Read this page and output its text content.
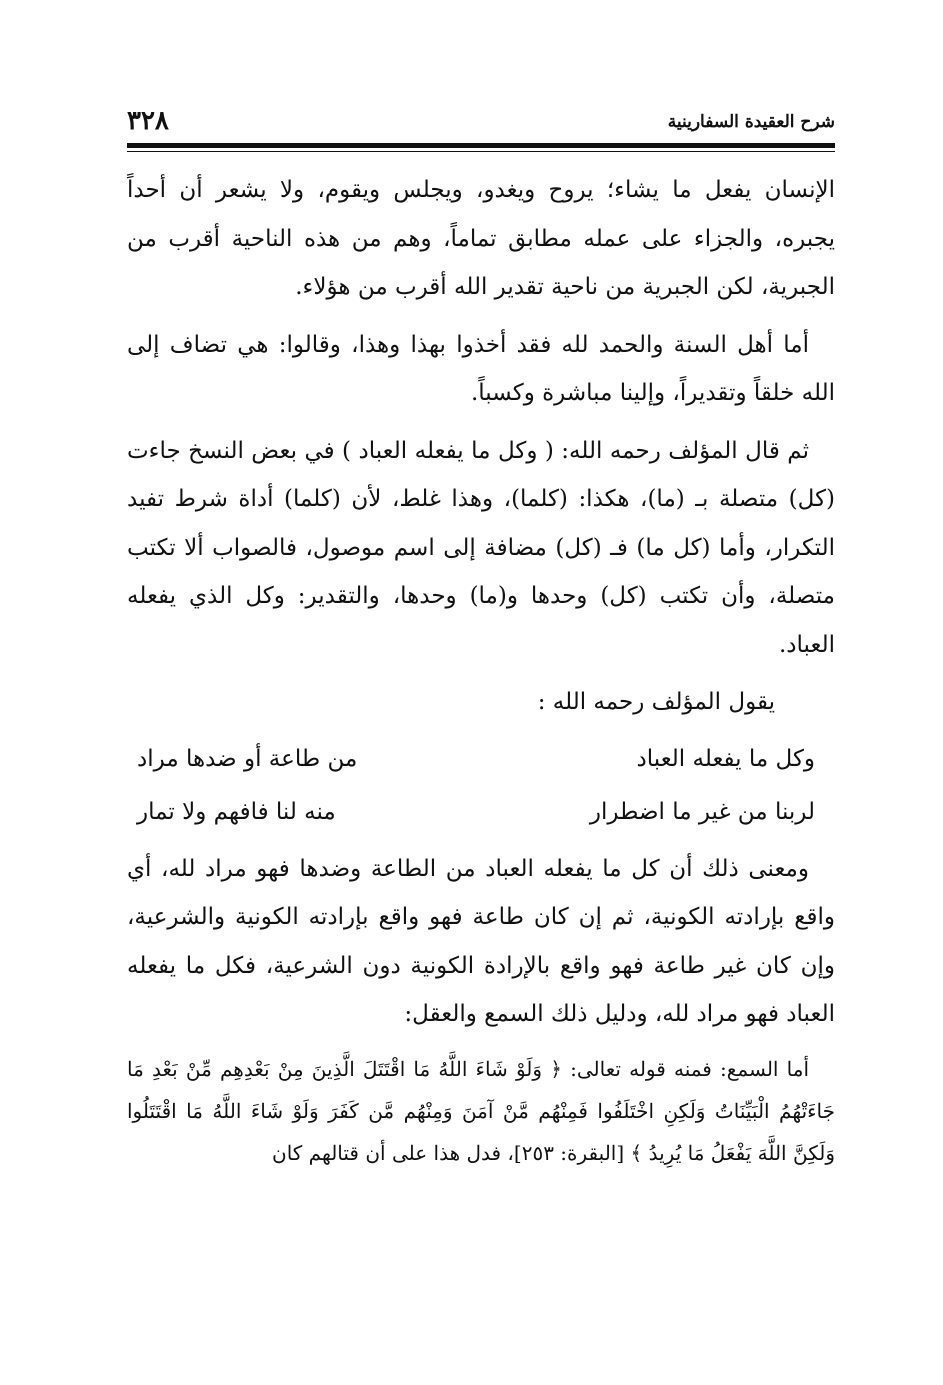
٣٢٨	شرح العقيدة السفارينية

الإنسان يفعل ما يشاء؛ يروح ويغدو، ويجلس ويقوم، ولا يشعر أن أحداً يجبره، والجزاء على عمله مطابق تماماً، وهم من هذه الناحية أقرب من الجبرية، لكن الجبرية من ناحية تقدير الله أقرب من هؤلاء.

أما أهل السنة والحمد لله فقد أخذوا بهذا وهذا، وقالوا: هي تضاف إلى الله خلقاً وتقديراً، وإلينا مباشرة وكسباً.

ثم قال المؤلف رحمه الله: ( وكل ما يفعله العباد ) في بعض النسخ جاءت (كل) متصلة بـ (ما)، هكذا: (كلما)، وهذا غلط، لأن (كلما) أداة شرط تفيد التكرار، وأما (كل ما) فـ (كل) مضافة إلى اسم موصول، فالصواب ألا تكتب متصلة، وأن تكتب (كل) وحدها و(ما) وحدها، والتقدير: وكل الذي يفعله العباد.

يقول المؤلف رحمه الله :

وكل ما يفعله العباد
من طاعة أو ضدها مراد
لربنا من غير ما اضطرار
منه لنا فافهم ولا تمار

ومعنى ذلك أن كل ما يفعله العباد من الطاعة وضدها فهو مراد لله، أي واقع بإرادته الكونية، ثم إن كان طاعة فهو واقع بإرادته الكونية والشرعية، وإن كان غير طاعة فهو واقع بالإرادة الكونية دون الشرعية، فكل ما يفعله العباد فهو مراد لله، ودليل ذلك السمع والعقل:

أما السمع: فمنه قوله تعالى: ﴿ وَلَوْ شَاءَ اللَّهُ مَا اقْتَتَلَ الَّذِينَ مِنْ بَعْدِهِم مِّنْ بَعْدِ مَا جَاءَتْهُمُ الْبَيِّنَاتُ وَلَكِنِ اخْتَلَفُوا فَمِنْهُم مَّنْ آمَنَ وَمِنْهُم مَّن كَفَرَ وَلَوْ شَاءَ اللَّهُ مَا اقْتَتَلُوا وَلَكِنَّ اللَّهَ يَفْعَلُ مَا يُرِيدُ ﴾ [البقرة: ٢٥٣]، فدل هذا على أن قتالهم كان
